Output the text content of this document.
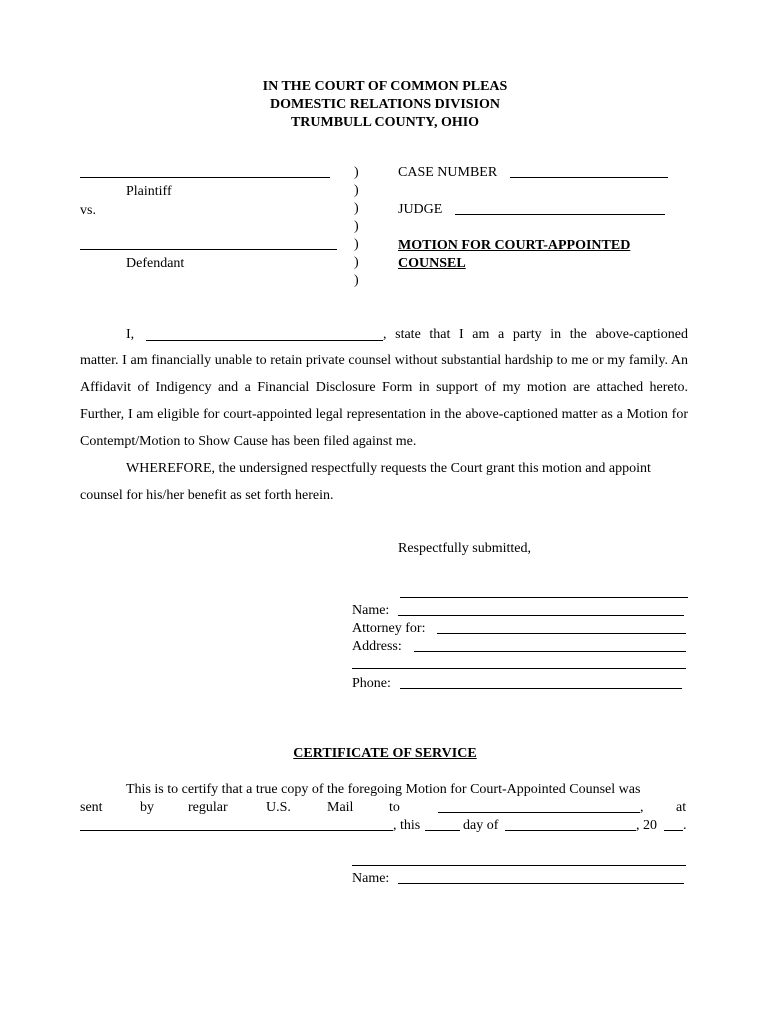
IN THE COURT OF COMMON PLEAS
DOMESTIC RELATIONS DIVISION
TRUMBULL COUNTY, OHIO
Plaintiff
vs.
Defendant
)
)
)
)
)
)
)
CASE NUMBER
JUDGE
MOTION FOR COURT-APPOINTED
COUNSEL
I,	, state that I am a party in the above-captioned
matter. I am financially unable to retain private counsel without substantial hardship to me or my family. An Affidavit of Indigency and a Financial Disclosure Form in support of my motion are attached hereto. Further, I am eligible for court-appointed legal representation in the above-captioned matter as a Motion for Contempt/Motion to Show Cause has been filed against me.
WHEREFORE, the undersigned respectfully requests the Court grant this motion and appoint
counsel for his/her benefit as set forth herein.
Respectfully submitted,
Name:
Attorney for:
Address:
Phone:
CERTIFICATE OF SERVICE
This is to certify that a true copy of the foregoing Motion for Court-Appointed Counsel was
sent	by regular	U.S.	Mail	to	, at
, this	day of	, 20 .
Name:
